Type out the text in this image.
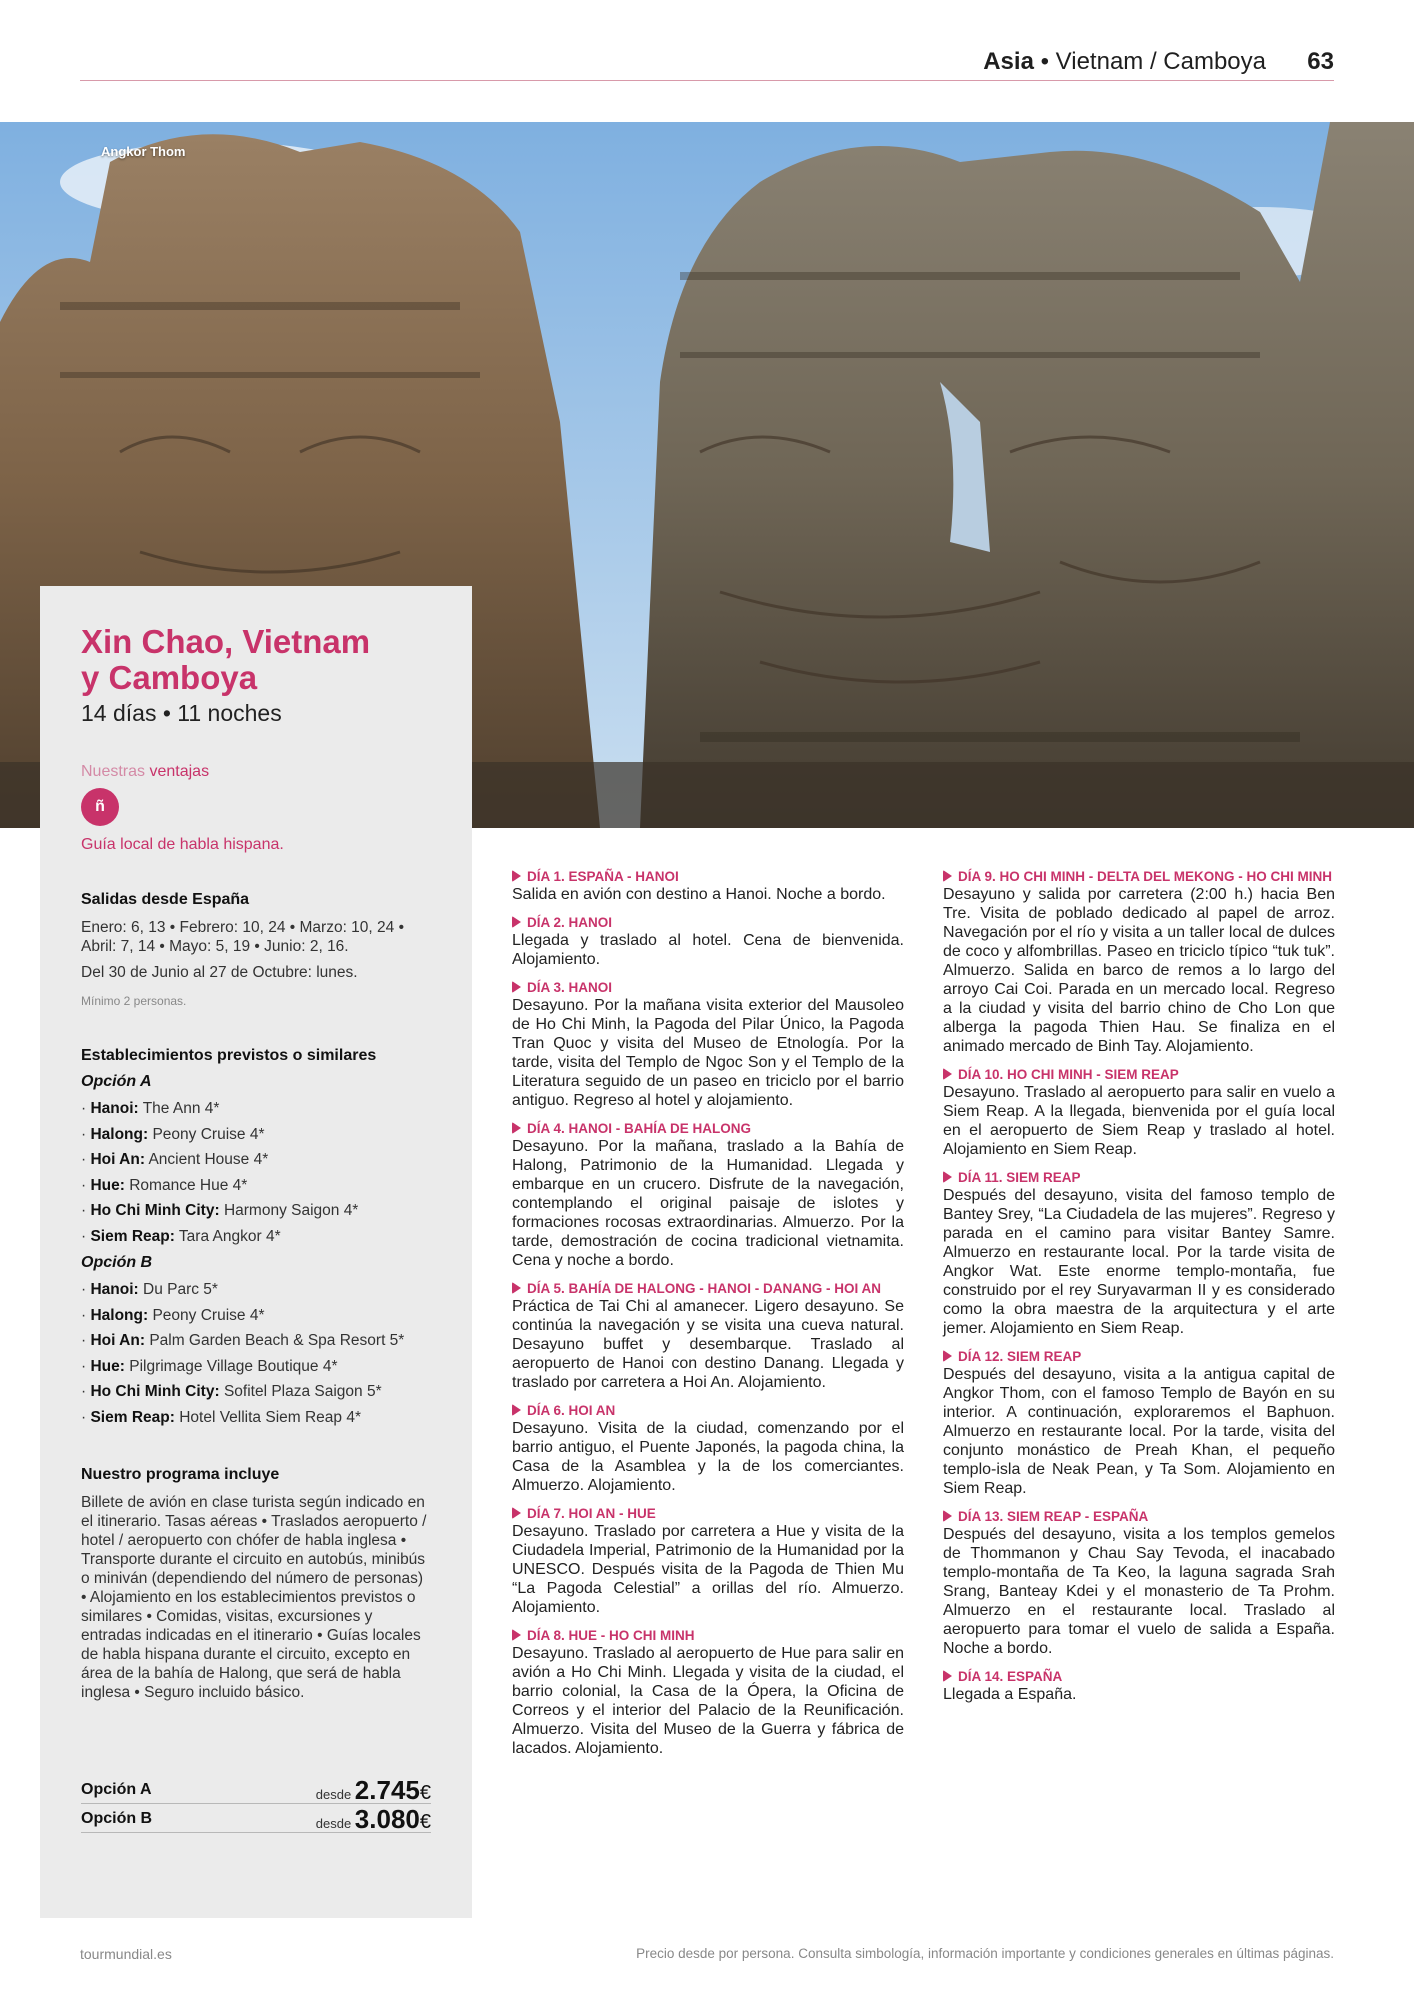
Asia • Vietnam / Camboya 63
Angkor Thom
Xin Chao, Vietnam
y Camboya
14 días • 11 noches
Nuestras ventajas
ñ
Guía local de habla hispana.
Salidas desde España
Enero: 6, 13 • Febrero: 10, 24 • Marzo: 10, 24 • Abril: 7, 14 • Mayo: 5, 19 • Junio: 2, 16.
Del 30 de Junio al 27 de Octubre: lunes.
Mínimo 2 personas.
Establecimientos previstos o similares
Opción A
· Hanoi: The Ann 4*
· Halong: Peony Cruise 4*
· Hoi An: Ancient House 4*
· Hue: Romance Hue 4*
· Ho Chi Minh City: Harmony Saigon 4*
· Siem Reap: Tara Angkor 4*
Opción B
· Hanoi: Du Parc 5*
· Halong: Peony Cruise 4*
· Hoi An: Palm Garden Beach & Spa Resort 5*
· Hue: Pilgrimage Village Boutique 4*
· Ho Chi Minh City: Sofitel Plaza Saigon 5*
· Siem Reap: Hotel Vellita Siem Reap 4*
Nuestro programa incluye
Billete de avión en clase turista según indicado en el itinerario. Tasas aéreas • Traslados aeropuerto / hotel / aeropuerto con chófer de habla inglesa • Transporte durante el circuito en autobús, minibús o miniván (dependiendo del número de personas) • Alojamiento en los establecimientos previstos o similares • Comidas, visitas, excursiones y entradas indicadas en el itinerario • Guías locales de habla hispana durante el circuito, excepto en área de la bahía de Halong, que será de habla inglesa • Seguro incluido básico.
Opción A	desde 2.745€
Opción B	desde 3.080€
DÍA 1. ESPAÑA - HANOI
Salida en avión con destino a Hanoi. Noche a bordo.
DÍA 2. HANOI
Llegada y traslado al hotel. Cena de bienvenida. Alojamiento.
DÍA 3. HANOI
Desayuno. Por la mañana visita exterior del Mausoleo de Ho Chi Minh, la Pagoda del Pilar Único, la Pagoda Tran Quoc y visita del Museo de Etnología. Por la tarde, visita del Templo de Ngoc Son y el Templo de la Literatura seguido de un paseo en triciclo por el barrio antiguo. Regreso al hotel y alojamiento.
DÍA 4. HANOI - BAHÍA DE HALONG
Desayuno. Por la mañana, traslado a la Bahía de Halong, Patrimonio de la Humanidad. Llegada y embarque en un crucero. Disfrute de la navegación, contemplando el original paisaje de islotes y formaciones rocosas extraordinarias. Almuerzo. Por la tarde, demostración de cocina tradicional vietnamita. Cena y noche a bordo.
DÍA 5. BAHÍA DE HALONG - HANOI - DANANG - HOI AN
Práctica de Tai Chi al amanecer. Ligero desayuno. Se continúa la navegación y se visita una cueva natural. Desayuno buffet y desembarque. Traslado al aeropuerto de Hanoi con destino Danang. Llegada y traslado por carretera a Hoi An. Alojamiento.
DÍA 6. HOI AN
Desayuno. Visita de la ciudad, comenzando por el barrio antiguo, el Puente Japonés, la pagoda china, la Casa de la Asamblea y la de los comerciantes. Almuerzo. Alojamiento.
DÍA 7. HOI AN - HUE
Desayuno. Traslado por carretera a Hue y visita de la Ciudadela Imperial, Patrimonio de la Humanidad por la UNESCO. Después visita de la Pagoda de Thien Mu “La Pagoda Celestial” a orillas del río. Almuerzo. Alojamiento.
DÍA 8. HUE - HO CHI MINH
Desayuno. Traslado al aeropuerto de Hue para salir en avión a Ho Chi Minh. Llegada y visita de la ciudad, el barrio colonial, la Casa de la Ópera, la Oficina de Correos y el interior del Palacio de la Reunificación. Almuerzo. Visita del Museo de la Guerra y fábrica de lacados. Alojamiento.
DÍA 9. HO CHI MINH - DELTA DEL MEKONG - HO CHI MINH
Desayuno y salida por carretera (2:00 h.) hacia Ben Tre. Visita de poblado dedicado al papel de arroz. Navegación por el río y visita a un taller local de dulces de coco y alfombrillas. Paseo en triciclo típico “tuk tuk”. Almuerzo. Salida en barco de remos a lo largo del arroyo Cai Coi. Parada en un mercado local. Regreso a la ciudad y visita del barrio chino de Cho Lon que alberga la pagoda Thien Hau. Se finaliza en el animado mercado de Binh Tay. Alojamiento.
DÍA 10. HO CHI MINH - SIEM REAP
Desayuno. Traslado al aeropuerto para salir en vuelo a Siem Reap. A la llegada, bienvenida por el guía local en el aeropuerto de Siem Reap y traslado al hotel. Alojamiento en Siem Reap.
DÍA 11. SIEM REAP
Después del desayuno, visita del famoso templo de Bantey Srey, “La Ciudadela de las mujeres”. Regreso y parada en el camino para visitar Bantey Samre. Almuerzo en restaurante local. Por la tarde visita de Angkor Wat. Este enorme templo-montaña, fue construido por el rey Suryavarman II y es considerado como la obra maestra de la arquitectura y el arte jemer. Alojamiento en Siem Reap.
DÍA 12. SIEM REAP
Después del desayuno, visita a la antigua capital de Angkor Thom, con el famoso Templo de Bayón en su interior. A continuación, exploraremos el Baphuon. Almuerzo en restaurante local. Por la tarde, visita del conjunto monástico de Preah Khan, el pequeño templo-isla de Neak Pean, y Ta Som. Alojamiento en Siem Reap.
DÍA 13. SIEM REAP - ESPAÑA
Después del desayuno, visita a los templos gemelos de Thommanon y Chau Say Tevoda, el inacabado templo-montaña de Ta Keo, la laguna sagrada Srah Srang, Banteay Kdei y el monasterio de Ta Prohm. Almuerzo en el restaurante local. Traslado al aeropuerto para tomar el vuelo de salida a España. Noche a bordo.
DÍA 14. ESPAÑA
Llegada a España.
tourmundial.es	Precio desde por persona. Consulta simbología, información importante y condiciones generales en últimas páginas.
